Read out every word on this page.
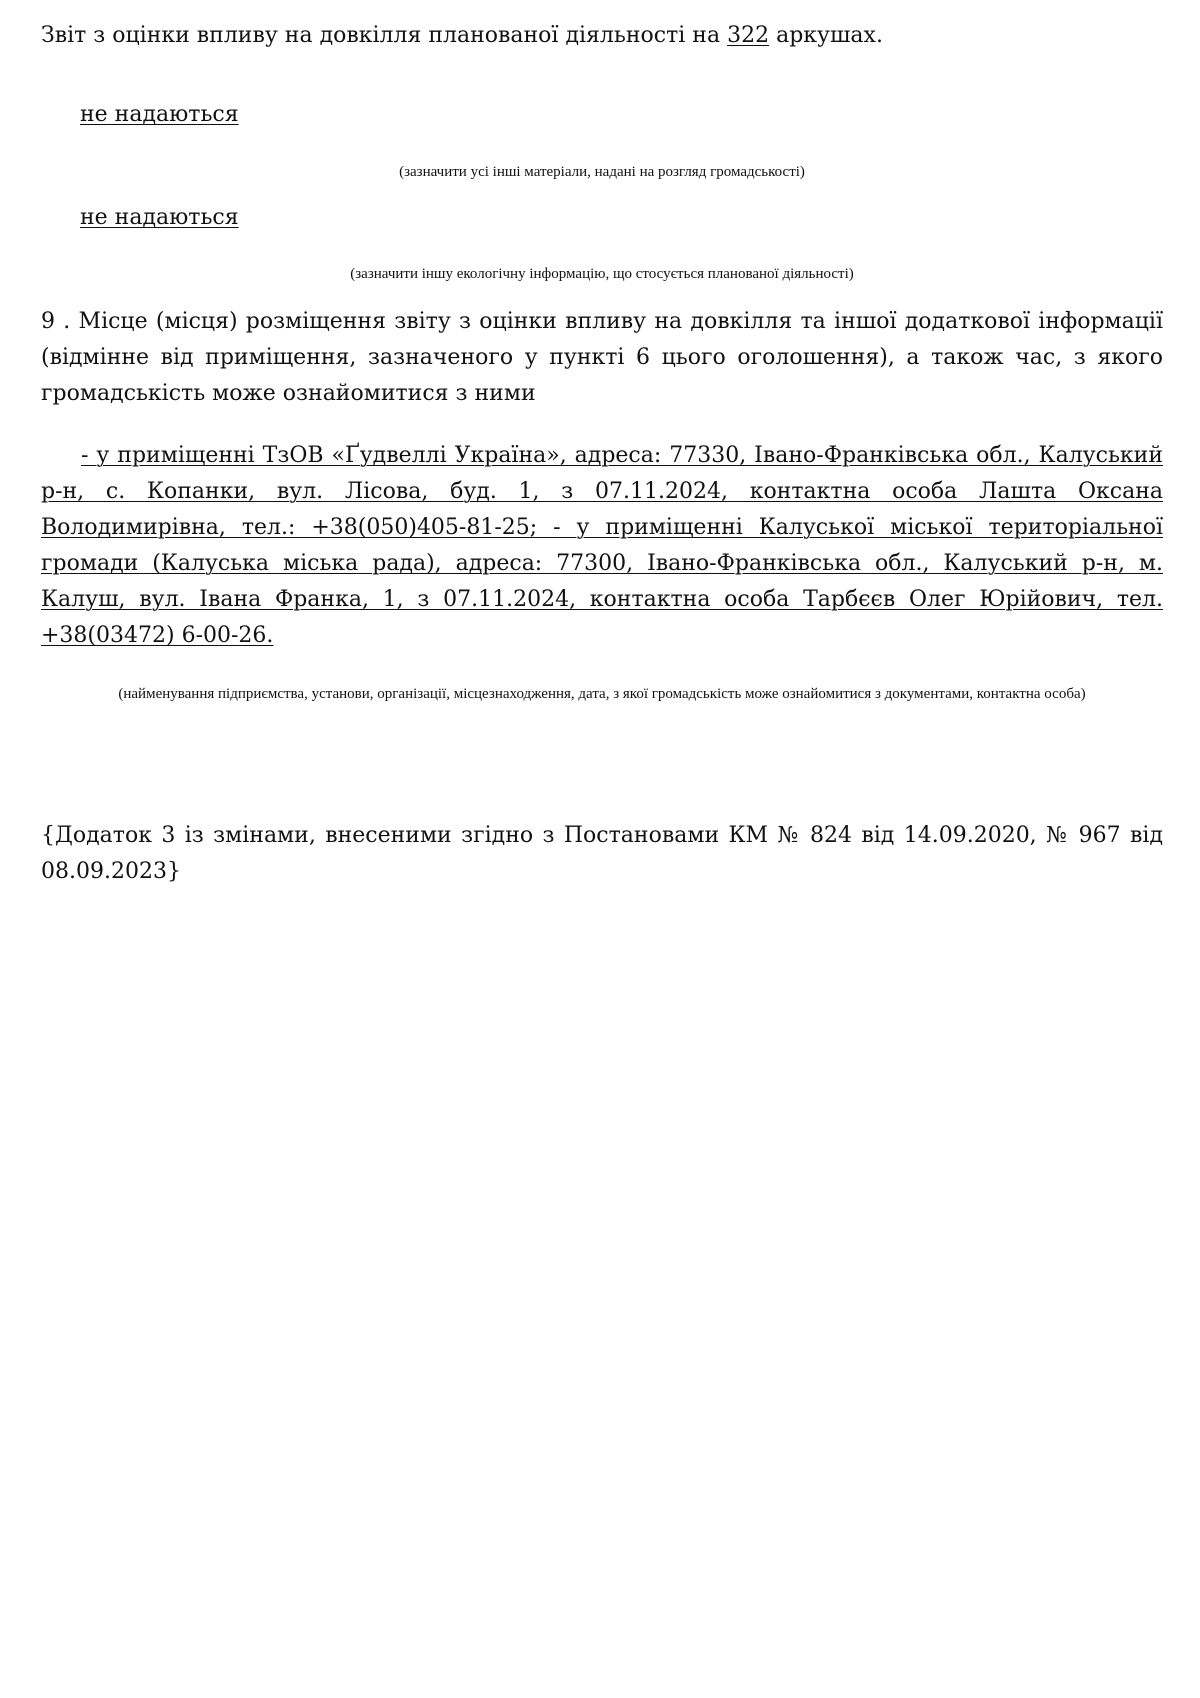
Звіт з оцінки впливу на довкілля планованої діяльності на 322 аркушах.

не надаються

(зазначити усі інші матеріали, надані на розгляд громадськості)

не надаються

(зазначити іншу екологічну інформацію, що стосується планованої діяльності)

9 . Місце (місця) розміщення звіту з оцінки впливу на довкілля та іншої додаткової інформації (відмінне від приміщення, зазначеного у пункті 6 цього оголошення), а також час, з якого громадськість може ознайомитися з ними

- у приміщенні ТзОВ «Ґудвеллі Україна», адреса: 77330, Івано-Франківська обл., Калуський р-н, с. Копанки, вул. Лісова, буд. 1, з 07.11.2024, контактна особа Лашта Оксана Володимирівна, тел.: +38(050)405-81-25; - у приміщенні Калуської міської територіальної громади (Калуська міська рада), адреса: 77300, Івано-Франківська обл., Калуський р-н, м. Калуш, вул. Івана Франка, 1, з 07.11.2024, контактна особа Тарбєєв Олег Юрійович, тел. +38(03472) 6-00-26.

(найменування підприємства, установи, організації, місцезнаходження, дата, з якої громадськість може ознайомитися з документами, контактна особа)

{Додаток 3 із змінами, внесеними згідно з Постановами КМ № 824 від 14.09.2020, № 967 від 08.09.2023}
